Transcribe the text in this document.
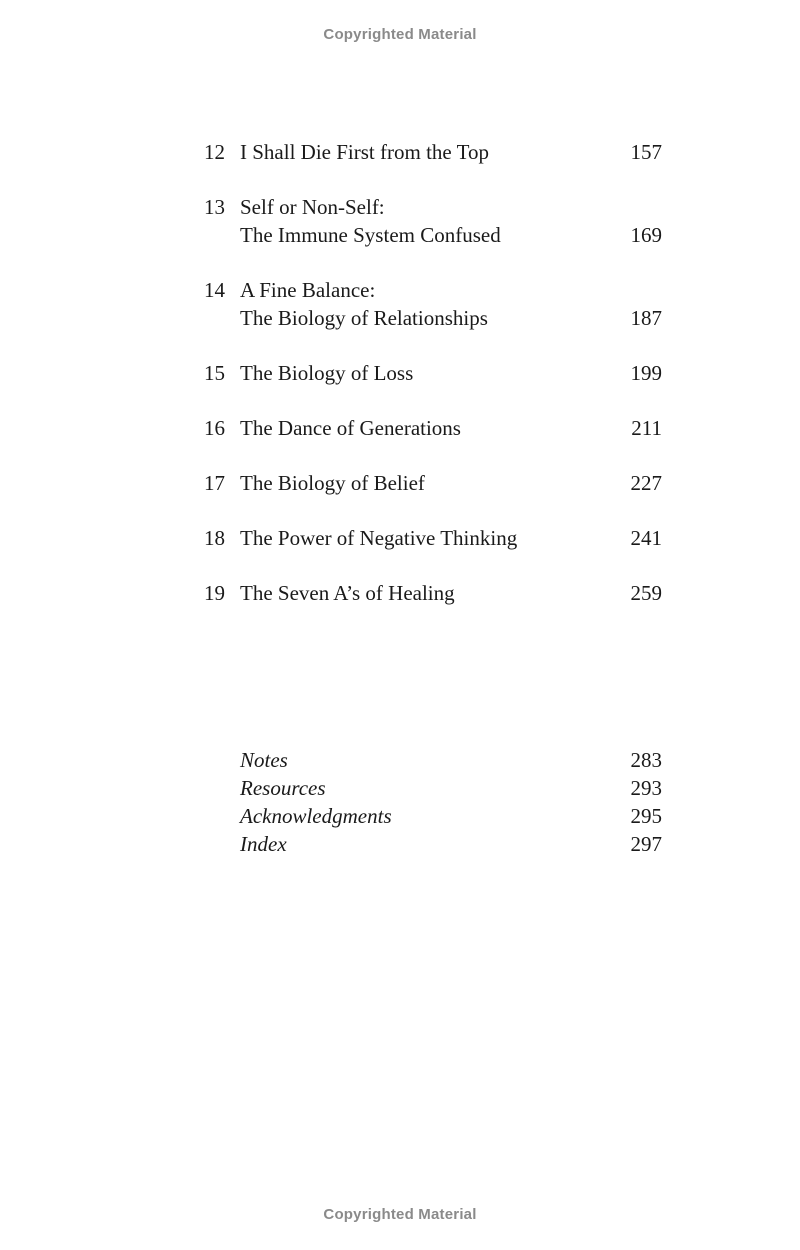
Copyrighted Material
12 I Shall Die First from the Top	157
13 Self or Non-Self:
The Immune System Confused	169
14 A Fine Balance:
The Biology of Relationships	187
15 The Biology of Loss	199
16 The Dance of Generations	211
17 The Biology of Belief	227
18 The Power of Negative Thinking	241
19 The Seven A’s of Healing	259
Notes	283
Resources	293
Acknowledgments	295
Index	297
Copyrighted Material
